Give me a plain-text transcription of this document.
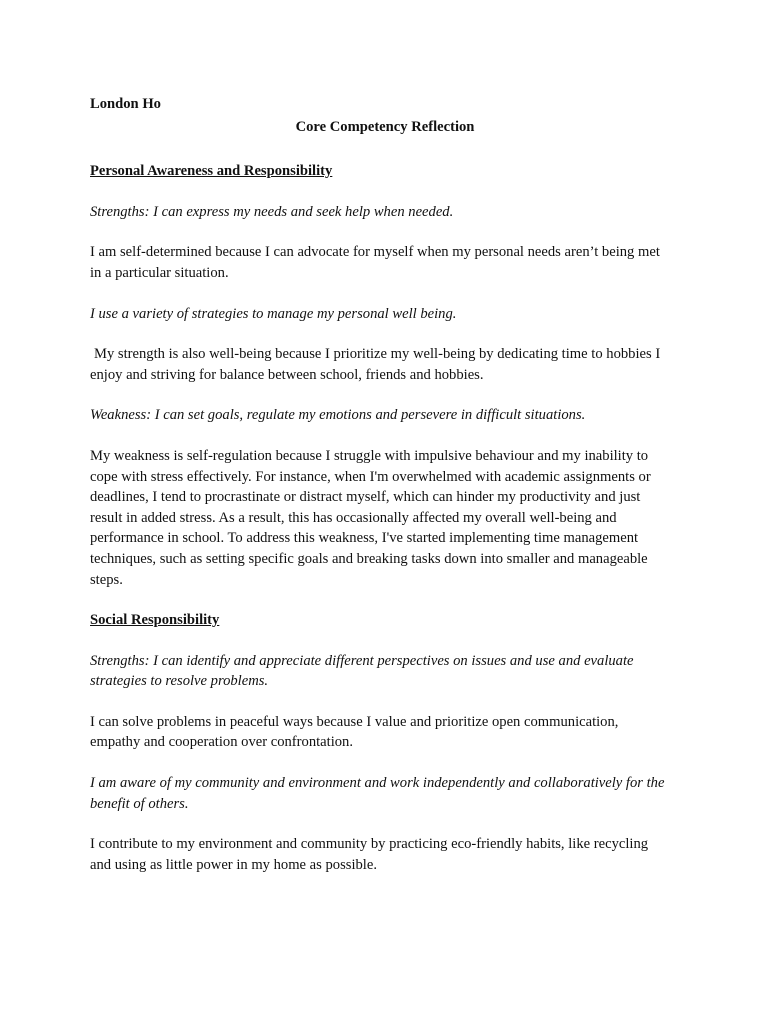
London Ho

Core Competency Reflection

Personal Awareness and Responsibility

Strengths: I can express my needs and seek help when needed.

I am self-determined because I can advocate for myself when my personal needs aren’t being met in a particular situation.

I use a variety of strategies to manage my personal well being.

My strength is also well-being because I prioritize my well-being by dedicating time to hobbies I enjoy and striving for balance between school, friends and hobbies.

Weakness: I can set goals, regulate my emotions and persevere in difficult situations.

My weakness is self-regulation because I struggle with impulsive behaviour and my inability to cope with stress effectively. For instance, when I'm overwhelmed with academic assignments or deadlines, I tend to procrastinate or distract myself, which can hinder my productivity and just result in added stress. As a result, this has occasionally affected my overall well-being and performance in school. To address this weakness, I've started implementing time management techniques, such as setting specific goals and breaking tasks down into smaller and manageable steps.

Social Responsibility

Strengths: I can identify and appreciate different perspectives on issues and use and evaluate strategies to resolve problems.

I can solve problems in peaceful ways because I value and prioritize open communication, empathy and cooperation over confrontation.

I am aware of my community and environment and work independently and collaboratively for the benefit of others.

I contribute to my environment and community by practicing eco-friendly habits, like recycling and using as little power in my home as possible.
